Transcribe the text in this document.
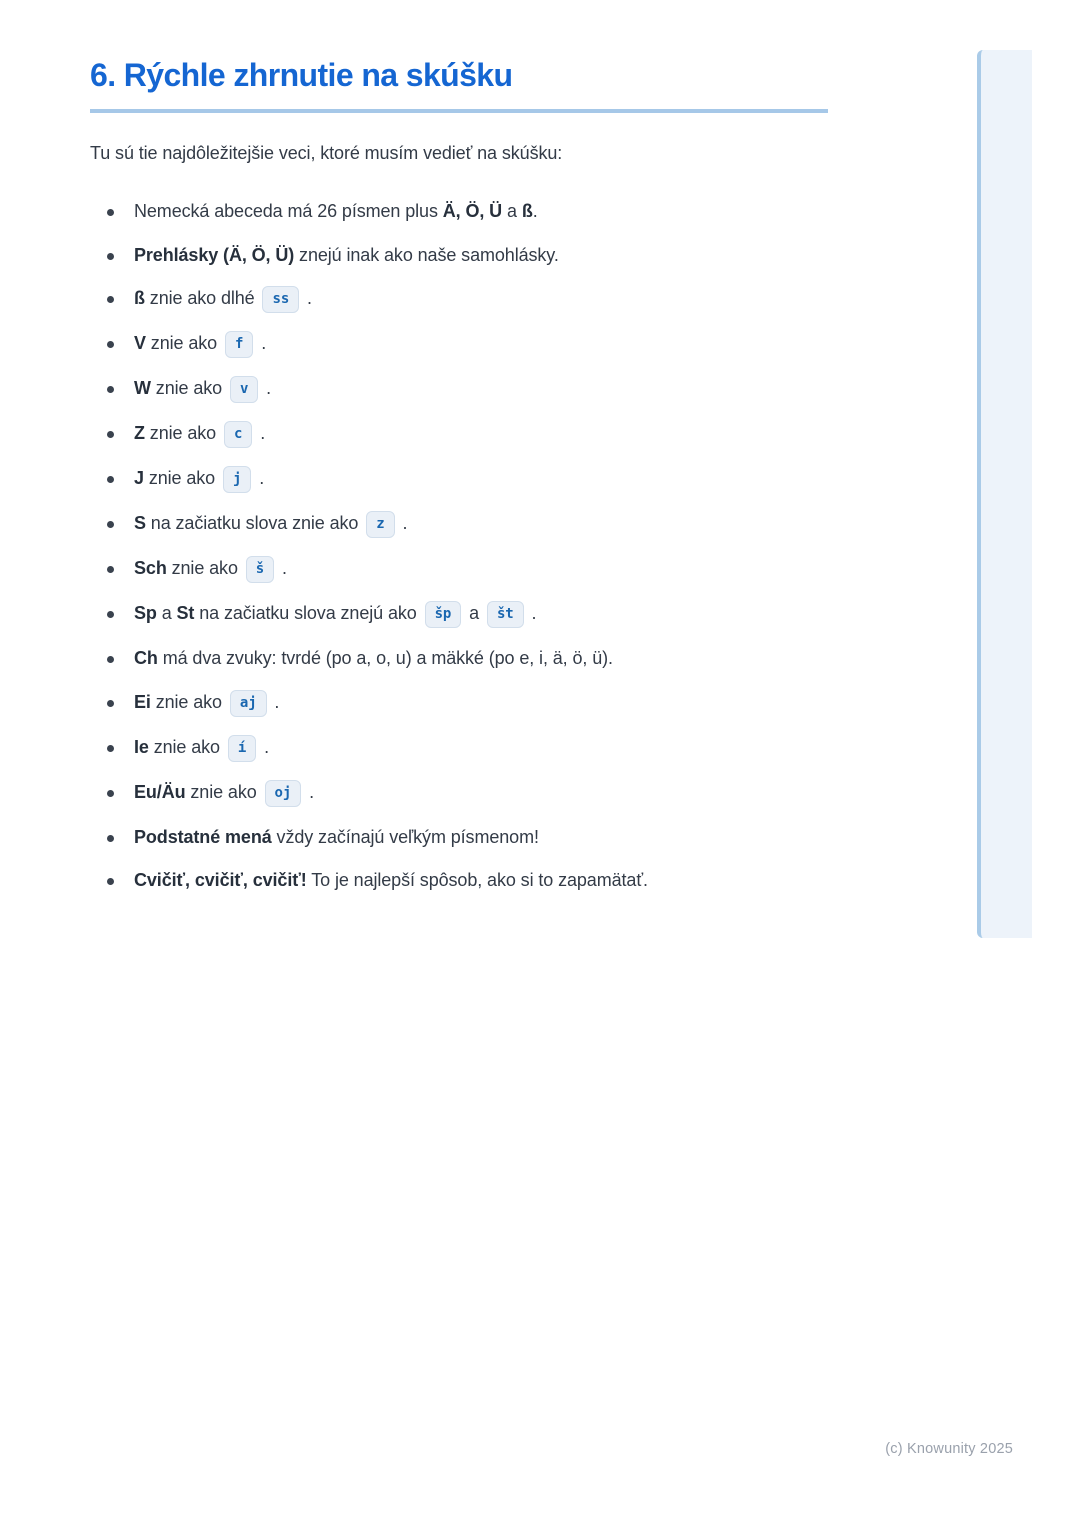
6. Rýchle zhrnutie na skúšku

Tu sú tie najdôležitejšie veci, ktoré musím vedieť na skúšku:

Nemecká abeceda má 26 písmen plus Ä, Ö, Ü a ß.
Prehlásky (Ä, Ö, Ü) znejú inak ako naše samohlásky.
ß znie ako dlhé ss .
V znie ako f .
W znie ako v .
Z znie ako c .
J znie ako j .
S na začiatku slova znie ako z .
Sch znie ako š .
Sp a St na začiatku slova znejú ako šp a št .
Ch má dva zvuky: tvrdé (po a, o, u) a mäkké (po e, i, ä, ö, ü).
Ei znie ako aj .
Ie znie ako í .
Eu/Äu znie ako oj .
Podstatné mená vždy začínajú veľkým písmenom!
Cvičiť, cvičiť, cvičiť! To je najlepší spôsob, ako si to zapamätať.
(c) Knowunity 2025
